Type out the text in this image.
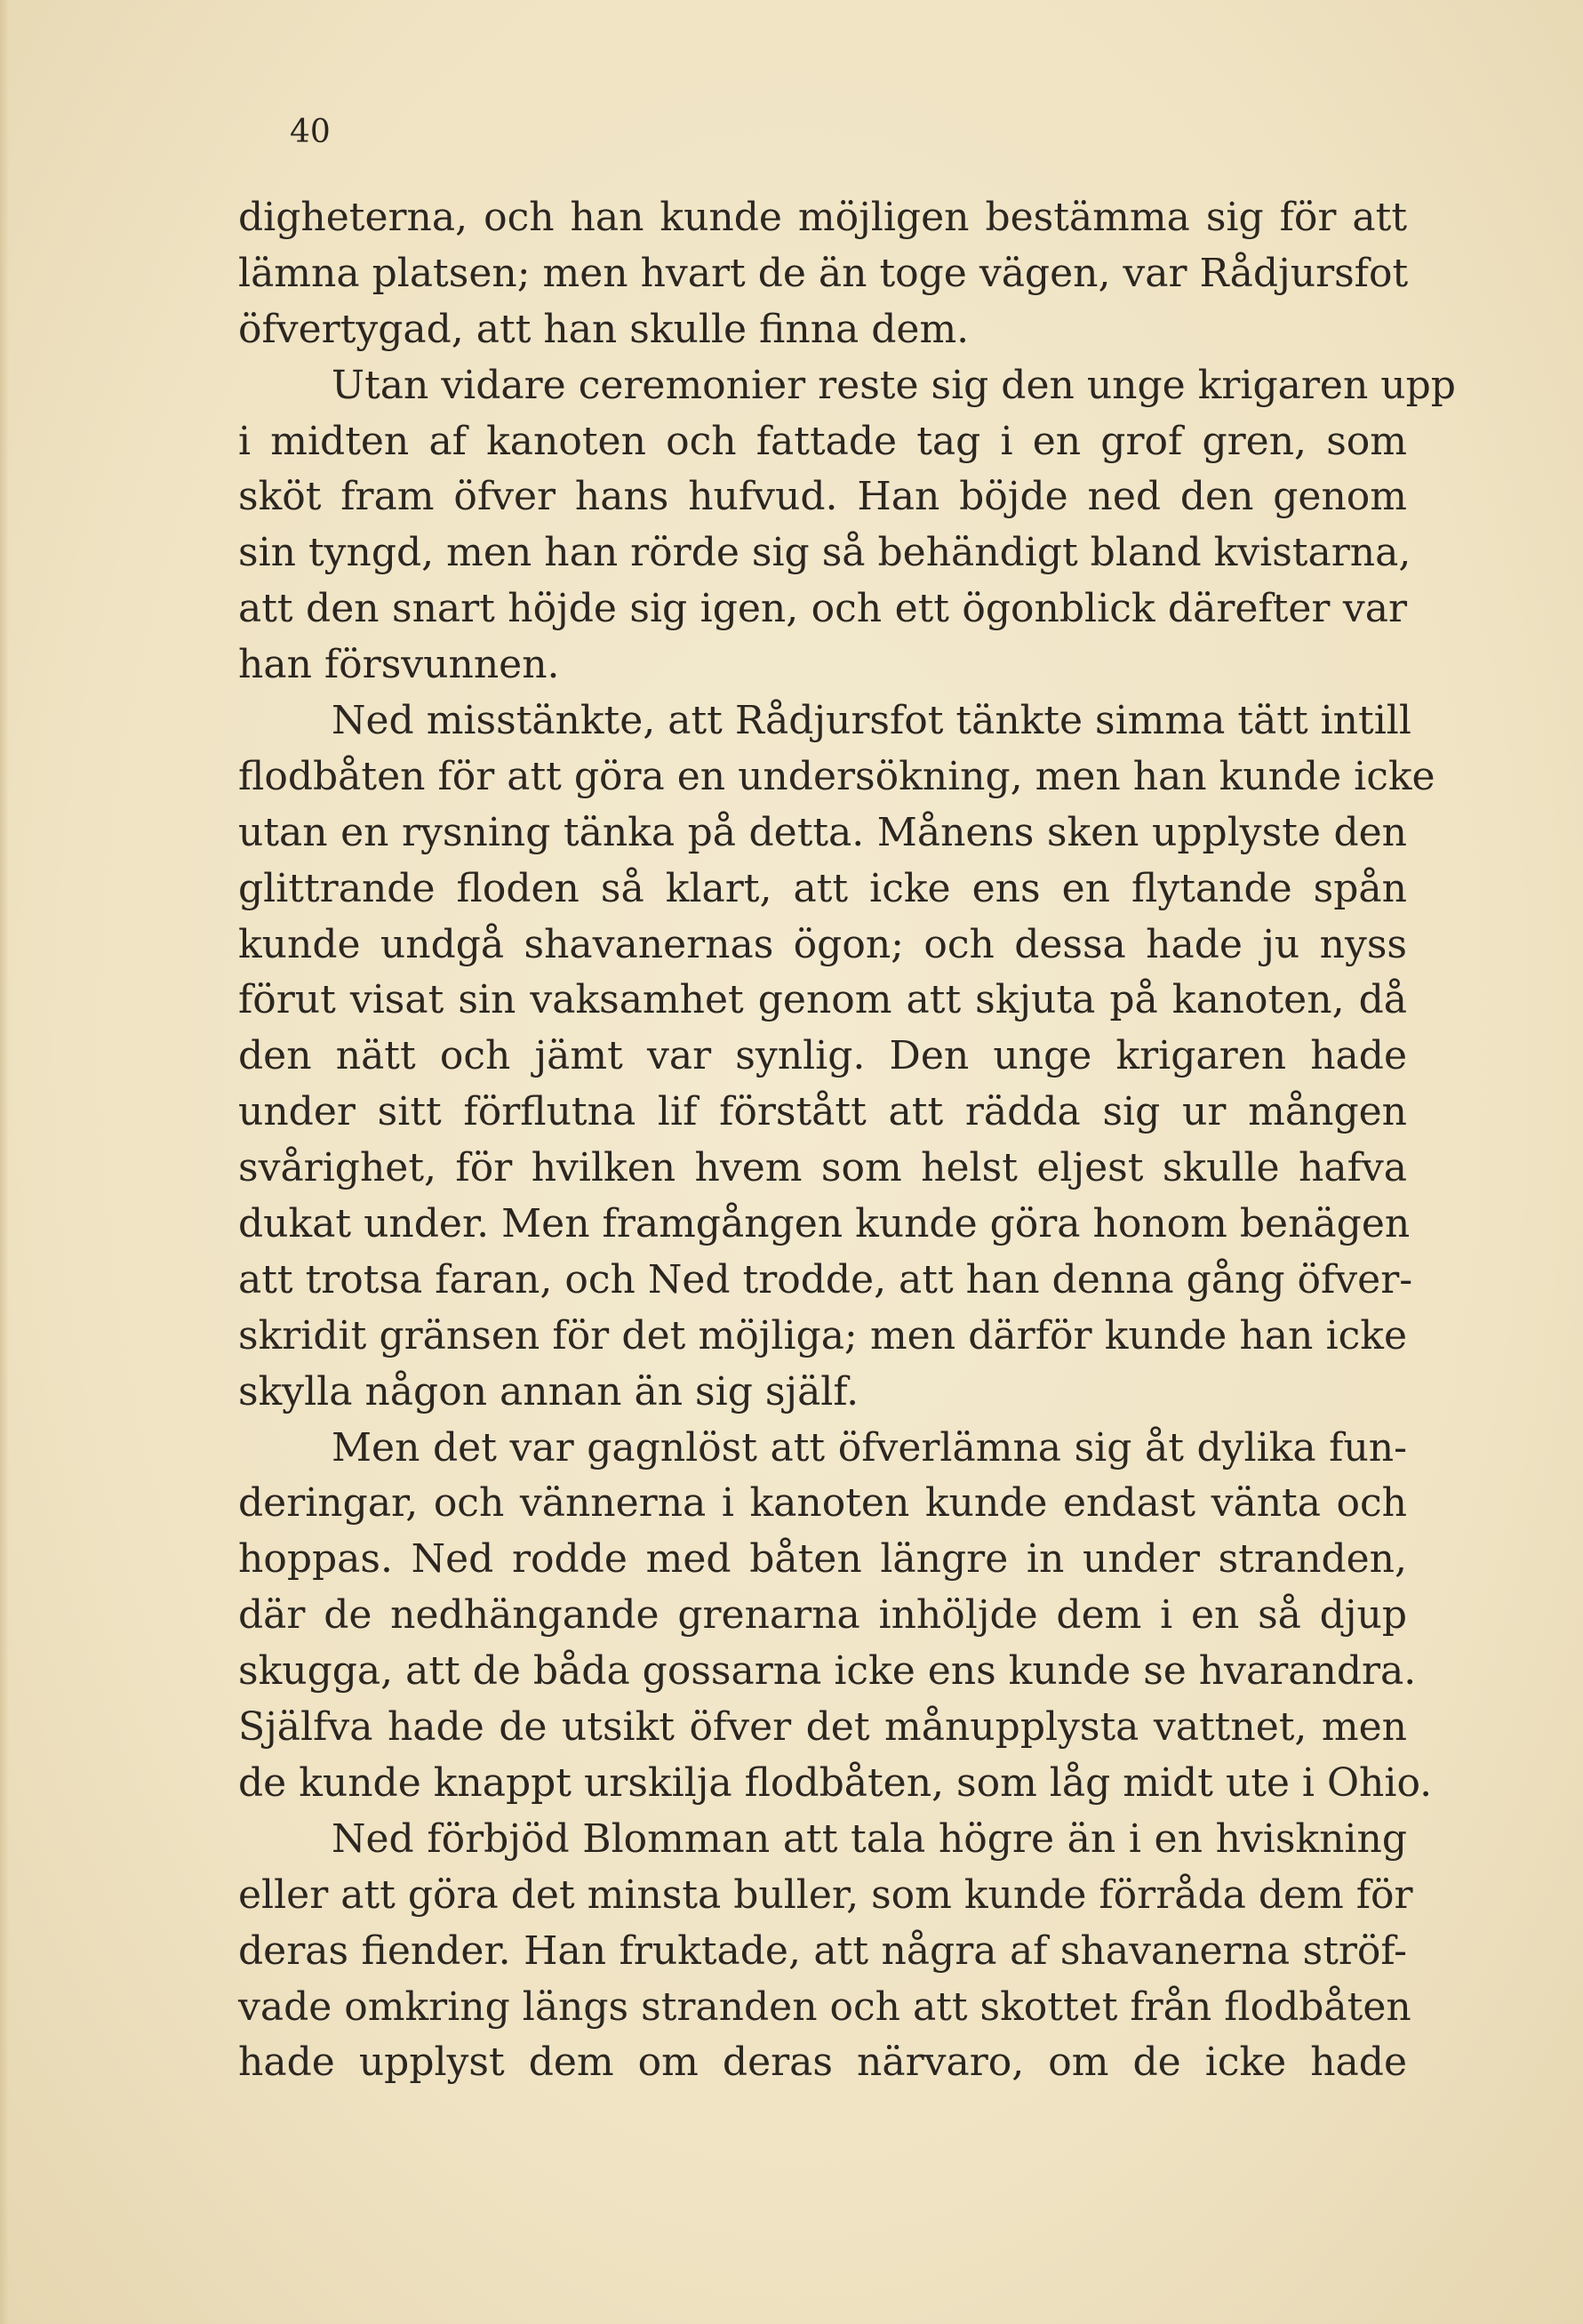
40

digheterna, och han kunde möjligen bestämma sig för att
lämna platsen; men hvart de än toge vägen, var Rådjursfot
öfvertygad, att han skulle finna dem.

Utan vidare ceremonier reste sig den unge krigaren upp
i midten af kanoten och fattade tag i en grof gren, som
sköt fram öfver hans hufvud. Han böjde ned den genom
sin tyngd, men han rörde sig så behändigt bland kvistarna,
att den snart höjde sig igen, och ett ögonblick därefter var
han försvunnen.

Ned misstänkte, att Rådjursfot tänkte simma tätt intill
flodbåten för att göra en undersökning, men han kunde icke
utan en rysning tänka på detta. Månens sken upplyste den
glittrande floden så klart, att icke ens en flytande spån
kunde undgå shavanernas ögon; och dessa hade ju nyss
förut visat sin vaksamhet genom att skjuta på kanoten, då
den nätt och jämt var synlig. Den unge krigaren hade
under sitt förflutna lif förstått att rädda sig ur mången
svårighet, för hvilken hvem som helst eljest skulle hafva
dukat under. Men framgången kunde göra honom benägen
att trotsa faran, och Ned trodde, att han denna gång öfver-
skridit gränsen för det möjliga; men därför kunde han icke
skylla någon annan än sig själf.

Men det var gagnlöst att öfverlämna sig åt dylika fun-
deringar, och vännerna i kanoten kunde endast vänta och
hoppas. Ned rodde med båten längre in under stranden,
där de nedhängande grenarna inhöljde dem i en så djup
skugga, att de båda gossarna icke ens kunde se hvarandra.
Själfva hade de utsikt öfver det månupplysta vattnet, men
de kunde knappt urskilja flodbåten, som låg midt ute i Ohio.

Ned förbjöd Blomman att tala högre än i en hviskning
eller att göra det minsta buller, som kunde förråda dem för
deras fiender. Han fruktade, att några af shavanerna ströf-
vade omkring längs stranden och att skottet från flodbåten
hade upplyst dem om deras närvaro, om de icke hade
